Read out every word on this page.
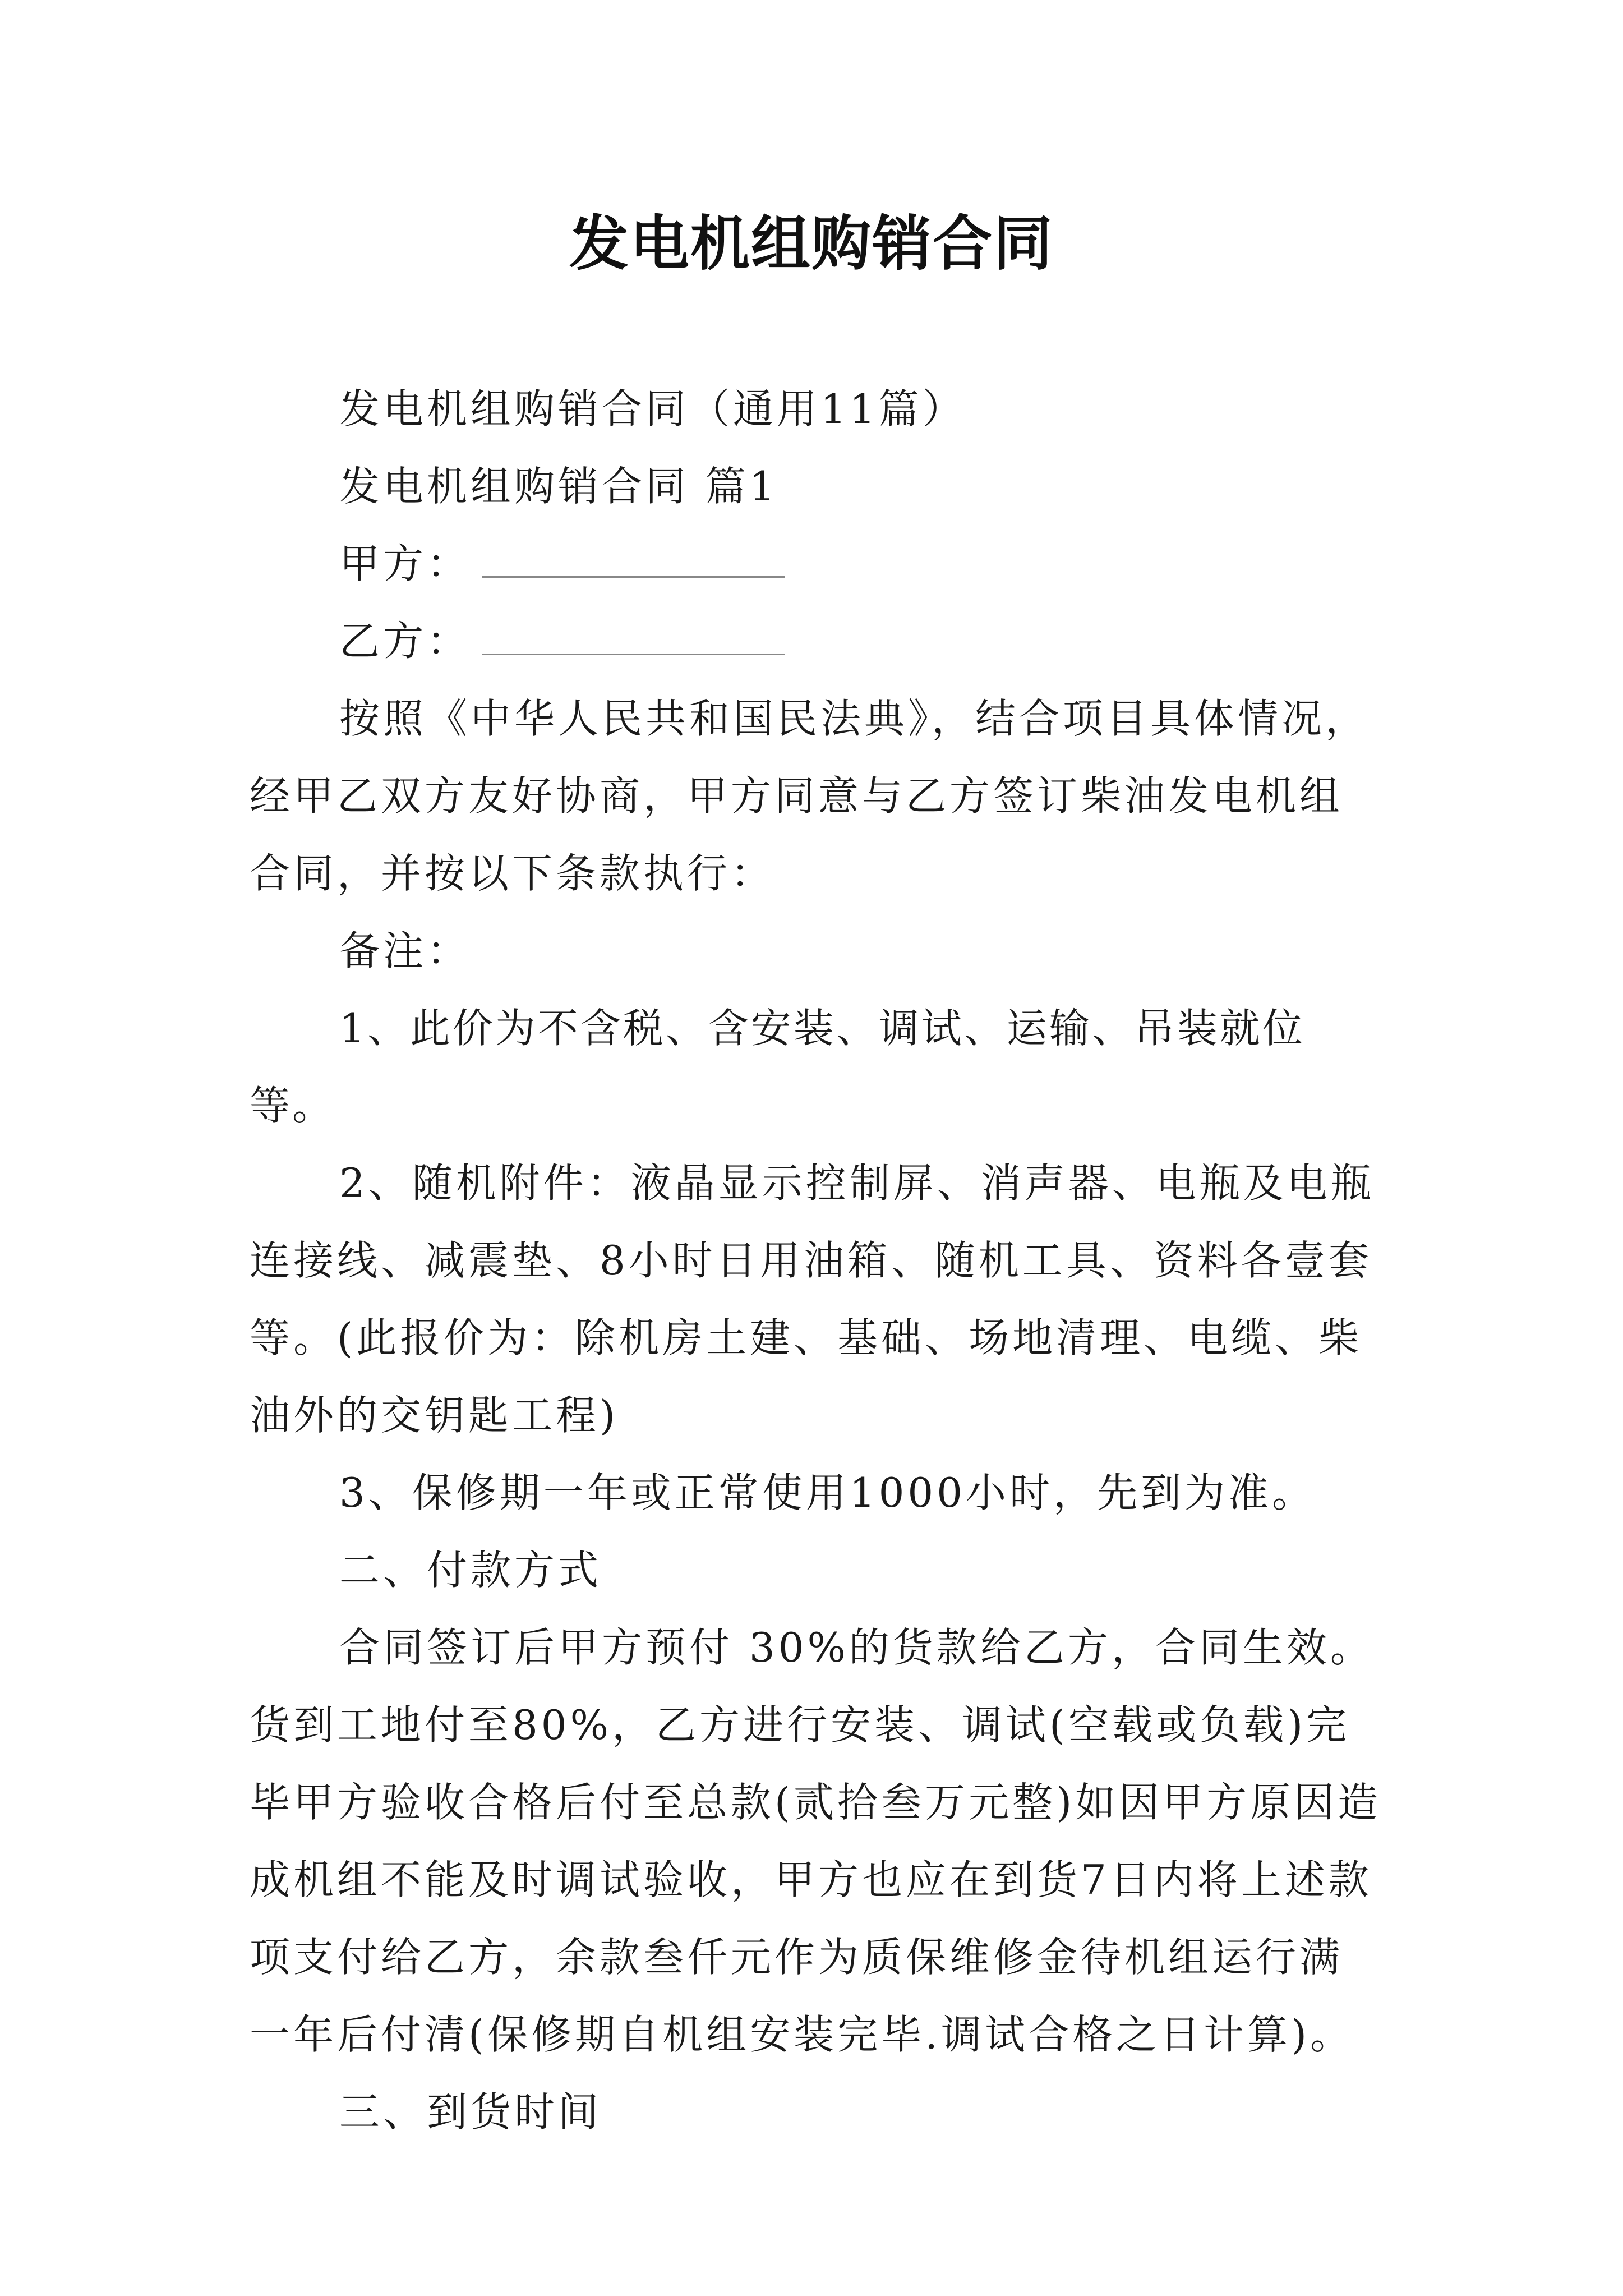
发电机组购销合同

发电机组购销合同（通用11篇）

发电机组购销合同 篇1

甲方：

乙方：

按照《中华人民共和国民法典》，结合项目具体情况，经甲乙双方友好协商，甲方同意与乙方签订柴油发电机组合同，并按以下条款执行：

备注：

1、此价为不含税、含安装、调试、运输、吊装就位等。

2、随机附件：液晶显示控制屏、消声器、电瓶及电瓶连接线、减震垫、8小时日用油箱、随机工具、资料各壹套等。(此报价为：除机房土建、基础、场地清理、电缆、柴油外的交钥匙工程)

3、保修期一年或正常使用1000小时，先到为准。

二、付款方式

合同签订后甲方预付 30%的货款给乙方，合同生效。货到工地付至80%，乙方进行安装、调试(空载或负载)完毕甲方验收合格后付至总款(贰拾叁万元整)如因甲方原因造成机组不能及时调试验收，甲方也应在到货7日内将上述款项支付给乙方，余款叁仟元作为质保维修金待机组运行满一年后付清(保修期自机组安装完毕.调试合格之日计算)。

三、到货时间
